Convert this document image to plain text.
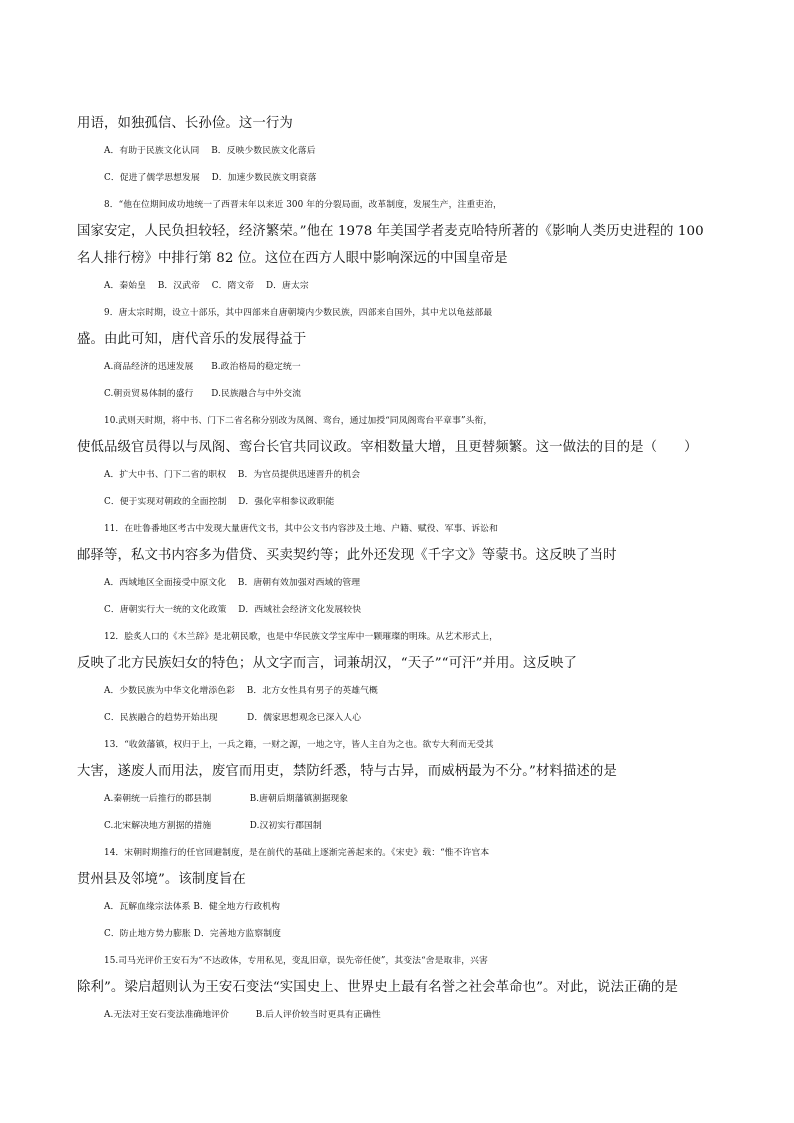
用语，如独孤信、长孙俭。这一行为
A．有助于民族文化认同　 B．反映少数民族文化落后
C．促进了儒学思想发展　 D．加速少数民族文明衰落
8．“他在位期间成功地统一了西晋末年以来近 300 年的分裂局面，改革制度，发展生产，注重吏治，
国家安定，人民负担较轻，经济繁荣。”他在 1978 年美国学者麦克哈特所著的《影响人类历史进程的 100
名人排行榜》中排行第 82 位。这位在西方人眼中影响深远的中国皇帝是
A．秦始皇　 B．汉武帝　 C．隋文帝　 D．唐太宗
9．唐太宗时期，设立十部乐，其中四部来自唐朝境内少数民族，四部来自国外，其中尤以龟兹部最
盛。由此可知，唐代音乐的发展得益于
A.商品经济的迅速发展　　B.政治格局的稳定统一
C.朝贡贸易体制的盛行　　D.民族融合与中外交流
10.武则天时期，将中书、门下二省名称分别改为凤阁、鸾台，通过加授“同凤阁鸾台平章事”头衔，
使低品级官员得以与凤阁、鸾台长官共同议政。宰相数量大增，且更替频繁。这一做法的目的是（　　）
A．扩大中书、门下二省的职权　 B．为官员提供迅速晋升的机会
C．便于实现对朝政的全面控制　 D．强化宰相参议政职能
11．在吐鲁番地区考古中发现大量唐代文书，其中公文书内容涉及土地、户籍、赋役、军事、诉讼和
邮驿等，私文书内容多为借贷、买卖契约等；此外还发现《千字文》等蒙书。这反映了当时
A．西域地区全面接受中原文化　 B．唐朝有效加强对西域的管理
C．唐朝实行大一统的文化政策　 D．西域社会经济文化发展较快
12．脍炙人口的《木兰辞》是北朝民歌，也是中华民族文学宝库中一颗璀璨的明珠。从艺术形式上，
反映了北方民族妇女的特色；从文字而言，词兼胡汉，“天子”“可汗”并用。这反映了
A．少数民族为中华文化增添色彩　 B．北方女性具有男子的英雄气概
C．民族融合的趋势开始出现　　　 D．儒家思想观念已深入人心
13．“收敛藩镇，权归于上，一兵之籍，一财之源，一地之守，皆人主自为之也。欲专大利而无受其
大害，遂废人而用法，废官而用吏，禁防纤悉，特与古异，而威柄最为不分。”材料描述的是
A.秦朝统一后推行的郡县制　　　　 B.唐朝后期藩镇割据现象
C.北宋解决地方割据的措施　　　　 D.汉初实行郡国制
14．宋朝时期推行的任官回避制度，是在前代的基础上逐渐完善起来的。《宋史》载：“惟不许官本
贯州县及邻境”。该制度旨在
A．瓦解血缘宗法体系 B．健全地方行政机构
C．防止地方势力膨胀 D．完善地方监察制度
15.司马光评价王安石为“不达政体，专用私见，变乱旧章，误先帝任使”，其变法“舍是取非，兴害
除利”。梁启超则认为王安石变法“实国史上、世界史上最有名誉之社会革命也”。对此，说法正确的是
A.无法对王安石变法准确地评价　　　B.后人评价较当时更具有正确性
